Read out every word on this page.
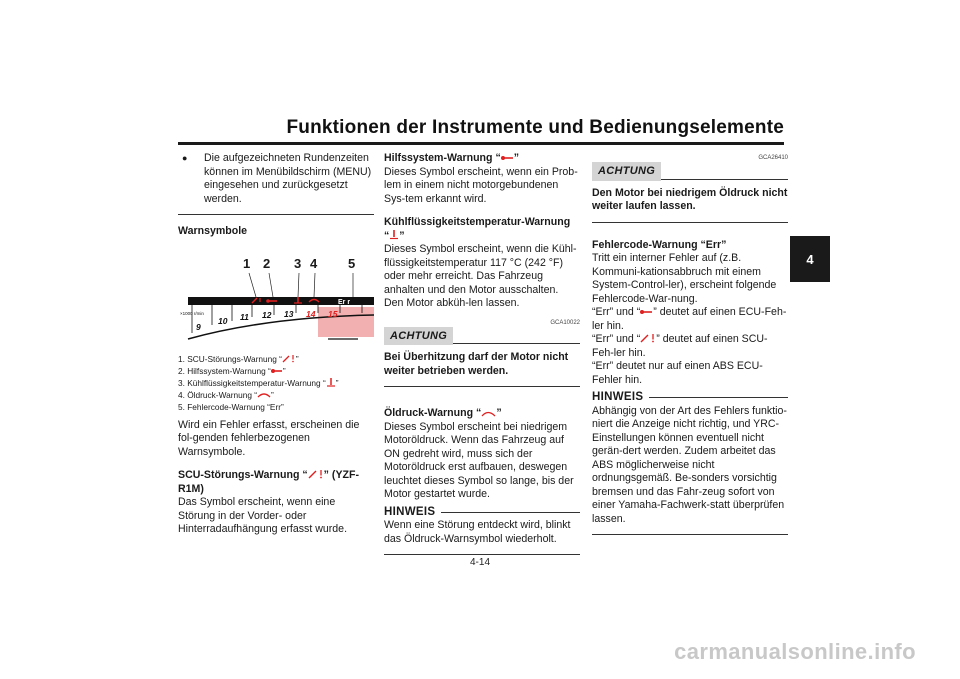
Funktionen der Instrumente und Bedienungselemente
4
● Die aufgezeichneten Rundenzeiten können im Menübildschirm (MENU) eingesehen und zurückgesetzt werden.

Warnsymbole

1 2 3 4 5
Er r
×1000 r/min
9
10 11 12 13 14 15
1. SCU-Störungs-Warnung “ ”
2. Hilfssystem-Warnung “ ”
3. Kühlflüssigkeitstemperatur-Warnung “ ”
4. Öldruck-Warnung “ ”
5. Fehlercode-Warnung “Err”

Wird ein Fehler erfasst, erscheinen die fol-genden fehlerbezogenen Warnsymbole.

SCU-Störungs-Warnung “ ” (YZF-R1M)

Das Symbol erscheint, wenn eine Störung in der Vorder- oder Hinterradaufhängung erfasst wurde.

Hilfssystem-Warnung “ ”

Dieses Symbol erscheint, wenn ein Prob-lem in einem nicht motorgebundenen Sys-tem erkannt wird.

Kühlflüssigkeitstemperatur-Warnung

“ ”

Dieses Symbol erscheint, wenn die Kühl-flüssigkeitstemperatur 117 °C (242 °F) oder mehr erreicht. Das Fahrzeug anhalten und den Motor ausschalten. Den Motor abküh-len lassen.

GCA10022
ACHTUNG

Bei Überhitzung darf der Motor nicht weiter betrieben werden.

Öldruck-Warnung “ ”

Dieses Symbol erscheint bei niedrigem Motoröldruck. Wenn das Fahrzeug auf ON gedreht wird, muss sich der Motoröldruck erst aufbauen, deswegen leuchtet dieses Symbol so lange, bis der Motor gestartet wurde.

HINWEIS

Wenn eine Störung entdeckt wird, blinkt das Öldruck-Warnsymbol wiederholt.

GCA26410
ACHTUNG

Den Motor bei niedrigem Öldruck nicht weiter laufen lassen.

Fehlercode-Warnung “Err”

Tritt ein interner Fehler auf (z.B. Kommuni-kationsabbruch mit einem System-Control-ler), erscheint folgende Fehlercode-War-nung.

“Err” und “ ” deutet auf einen ECU-Feh-ler hin.

“Err” und “ ” deutet auf einen SCU-Feh-ler hin.

“Err” deutet nur auf einen ABS ECU-Fehler hin.

HINWEIS

Abhängig von der Art des Fehlers funktio-niert die Anzeige nicht richtig, und YRC-Einstellungen können eventuell nicht gerän-dert werden. Zudem arbeitet das ABS möglicherweise nicht ordnungsgemäß. Be-sonders vorsichtig bremsen und das Fahr-zeug sofort von einer Yamaha-Fachwerk-statt überprüfen lassen.

4-14
carmanualsonline.info
